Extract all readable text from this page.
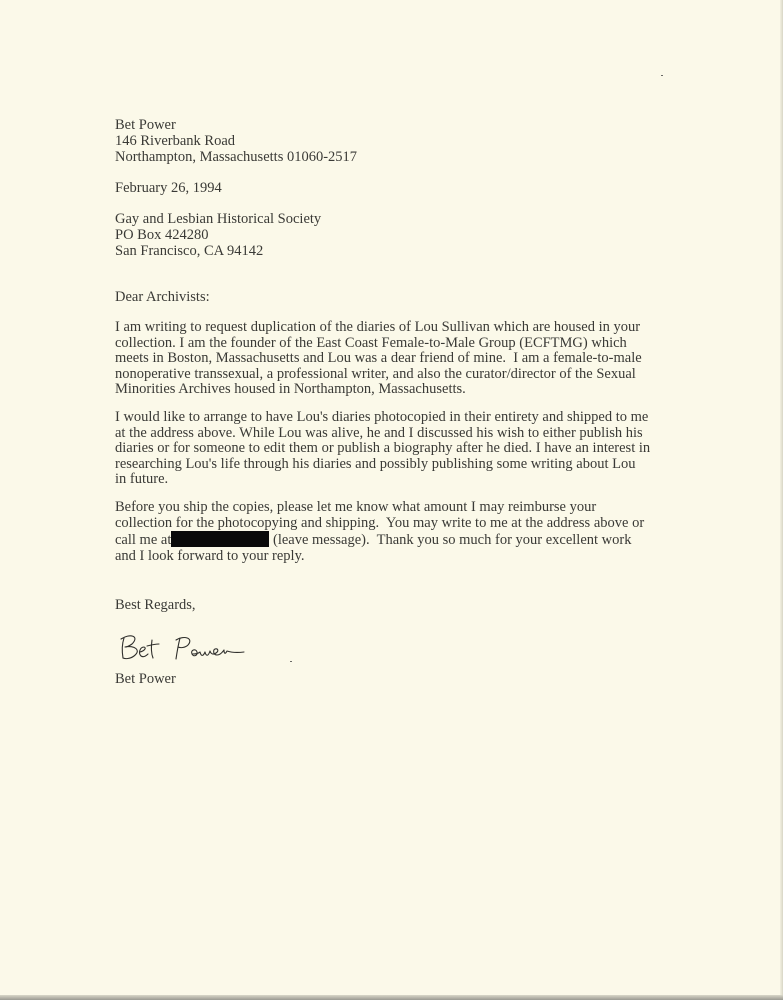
Bet Power
146 Riverbank Road
Northampton, Massachusetts 01060-2517
February 26, 1994
Gay and Lesbian Historical Society
PO Box 424280
San Francisco, CA 94142
Dear Archivists:
I am writing to request duplication of the diaries of Lou Sullivan which are housed in your
collection. I am the founder of the East Coast Female-to-Male Group (ECFTMG) which
meets in Boston, Massachusetts and Lou was a dear friend of mine.  I am a female-to-male
nonoperative transsexual, a professional writer, and also the curator/director of the Sexual
Minorities Archives housed in Northampton, Massachusetts.
I would like to arrange to have Lou's diaries photocopied in their entirety and shipped to me
at the address above. While Lou was alive, he and I discussed his wish to either publish his
diaries or for someone to edit them or publish a biography after he died. I have an interest in
researching Lou's life through his diaries and possibly publishing some writing about Lou
in future.
Before you ship the copies, please let me know what amount I may reimburse your
collection for the photocopying and shipping.  You may write to me at the address above or
call me at	(leave message).  Thank you so much for your excellent work
and I look forward to your reply.
Best Regards,
Bet Power
